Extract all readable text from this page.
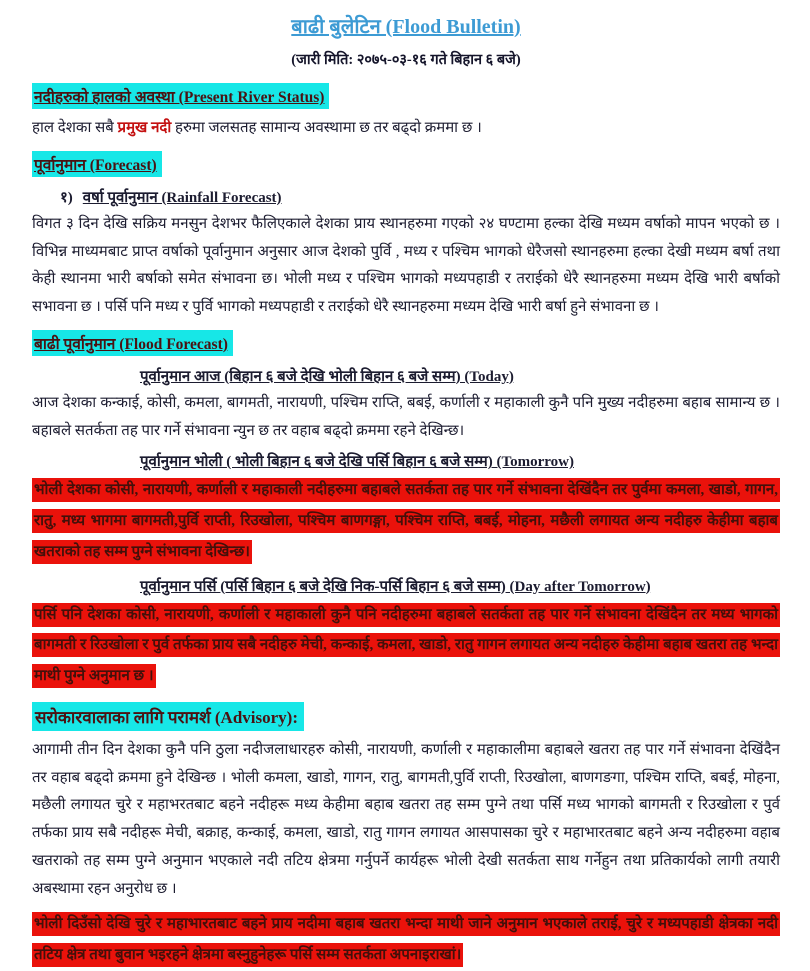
बाढी बुलेटिन (Flood Bulletin)
(जारी मिति: २०७५-०३-१६ गते बिहान ६ बजे)
नदीहरुको हालको अवस्था (Present River Status)
हाल देशका सबै प्रमुख नदी हरुमा जलसतह सामान्य अवस्थामा छ तर बढ्दो क्रममा छ ।
पूर्वानुमान (Forecast)
१) वर्षा पूर्वानुमान (Rainfall Forecast)
विगत ३ दिन देखि सक्रिय मनसुन देशभर फैलिएकाले देशका प्राय स्थानहरुमा गएको २४ घण्टामा हल्का देखि मध्यम वर्षाको मापन भएको छ । विभिन्न माध्यमबाट प्राप्त वर्षाको पूर्वानुमान अनुसार आज देशको पुर्वि , मध्य र पश्चिम भागको धेरैजसो स्थानहरुमा हल्का देखी मध्यम बर्षा तथा केही स्थानमा भारी बर्षाको समेत संभावना छ। भोली मध्य र पश्चिम भागको मध्यपहाडी र तराईको धेरै स्थानहरुमा मध्यम देखि भारी बर्षाको सभावना छ । पर्सि पनि मध्य र पुर्वि भागको मध्यपहाडी र तराईको धेरै स्थानहरुमा मध्यम देखि भारी बर्षा हुने संभावना छ ।
बाढी पूर्वानुमान (Flood Forecast)
पूर्वानुमान आज (बिहान ६ बजे देखि भोली बिहान ६ बजे सम्म) (Today)
आज देशका कन्काई, कोसी, कमला, बागमती, नारायणी, पश्चिम राप्ति, बबई, कर्णाली र महाकाली कुनै पनि मुख्य नदीहरुमा बहाब सामान्य छ । बहाबले सतर्कता तह पार गर्ने संभावना न्युन छ तर वहाब बढ्दो क्रममा रहने देखिन्छ।
पूर्वानुमान भोली ( भोली बिहान ६ बजे देखि पर्सि बिहान ६ बजे सम्म) (Tomorrow)
भोली देशका कोसी, नारायणी, कर्णाली र महाकाली नदीहरुमा बहाबले सतर्कता तह पार गर्ने संभावना देखिंदैन तर पुर्वमा कमला, खाडो, गागन, रातु, मध्य भागमा बागमती,पुर्वि राप्ती, रिउखोला, पश्चिम बाणगङ्गा, पश्चिम राप्ति, बबई, मोहना, मछैली लगायत अन्य नदीहरु केहीमा बहाब खतराको तह सम्म पुग्ने संभावना देखिन्छ।
पूर्वानुमान पर्सि (पर्सि बिहान ६ बजे देखि निक-पर्सि बिहान ६ बजे सम्म) (Day after Tomorrow)
पर्सि पनि देशका कोसी, नारायणी, कर्णाली र महाकाली कुनै पनि नदीहरुमा बहाबले सतर्कता तह पार गर्ने संभावना देखिंदैन तर मध्य भागको बागमती र रिउखोला र पुर्व तर्फका प्राय सबै नदीहरु मेची, कन्काई, कमला, खाडो, रातु गागन लगायत अन्य नदीहरु केहीमा बहाब खतरा तह भन्दा माथी पुग्ने अनुमान छ ।
सरोकारवालाका लागि परामर्श (Advisory):
आगामी तीन दिन देशका कुनै पनि ठुला नदीजलाधारहरु कोसी, नारायणी, कर्णाली र महाकालीमा बहाबले खतरा तह पार गर्ने संभावना देखिंदैन तर वहाब बढ्दो क्रममा हुने देखिन्छ । भोली कमला, खाडो, गागन, रातु, बागमती,पुर्वि राप्ती, रिउखोला, बाणगङगा, पश्चिम राप्ति, बबई, मोहना, मछैली लगायत चुरे र महाभरतबाट बहने नदीहरू मध्य केहीमा बहाब खतरा तह सम्म पुग्ने तथा पर्सि मध्य भागको बागमती र रिउखोला र पुर्व तर्फका प्राय सबै नदीहरू मेची, बक्राह, कन्काई, कमला, खाडो, रातु गागन लगायत आसपासका चुरे र महाभारतबाट बहने अन्य नदीहरुमा वहाब खतराको तह सम्म पुग्ने अनुमान भएकाले नदी तटिय क्षेत्रमा गर्नुपर्ने कार्यहरू भोली देखी सतर्कता साथ गर्नेहुन तथा प्रतिकार्यको लागी तयारी अबस्थामा रहन अनुरोध छ ।
भोली दिउँसो देखि चुरे र महाभारतबाट बहने प्राय नदीमा बहाब खतरा भन्दा माथी जाने अनुमान भएकाले तराई, चुरे र मध्यपहाडी क्षेत्रका नदी तटिय क्षेत्र तथा बुवान भइरहने क्षेत्रमा बस्नुहुनेहरू पर्सि सम्म सतर्कता अपनाइराखां।
